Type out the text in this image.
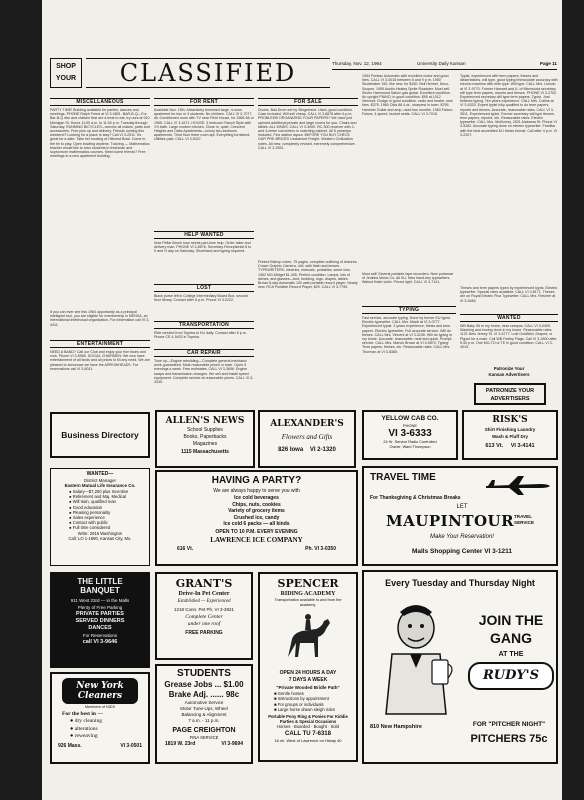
SHOP
YOUR	CLASSIFIED	Thursday, Nov. 12, 1964	University Daily Kansan	Page 11
MISCELLANEOUS
PARTY TIME! Building available for parties, dances and meetings. PHONE Ralph Freed at VI 3-0801. BAR-B-Q—For Bar-B-Q ribs and chicken that are a treat to eat, try ours at 910 Michigan St. Hours 11:00 a.m. to 11:00 p.m. Tuesday through Saturday. RUNNING BICYCLES—service all makes, parts and accessories. Free pick up and delivery. Friends coming this weekend? Looking for a place to stay? Call VI 3-2511. It's great for a date. Take her bowling at Hillcrest Bowl. Come to the tin to play. Open bowling anytime. Tutoring — Mathematics teacher would like to tutor students in freshman and sophomore mathematics courses. Need some friends? Free meetings in a new apartment building.
If you can ever see this 1964 opportunity as a principal intelligent tool, you are eligible for membership in MENSA, an international intellectual organization. For information call VI 3-4411.
ENTERTAINMENT
NEED A BAND? Call our Club and enjoy your fine blues and rock. Phone VI 3-5555. SOCIAL CHAIRMEN: We now have entertainment of all kinds and all prices to fill any need. We are pleased to announce we have the ARROWHEADS. For reservations call VI 3-8011.
FOR RENT
Available Nov. 15th. Attractively furnished large, 4-room apartment for two or 3 students. No children. CALL VI 3-7077. Air-Conditioned room with TV near Field House, for 1965-66 or 1965. CALL VI 3-1671. HOUSE: 3 bedroom Ranch Style with 1½ bath. Large modern kitchen. Close in, quiet. Crescent Heights and Oaks Apartments—luxury two-bedroom apartments. Third floor three room apt. Everything furnished. Utilities paid. CALL VI 3-6337.
HELP WANTED
Now Pellar Brush man needs part-time help. Order taker and delivery man. PHONE VI 3-8576. Secretary-Receptionist 8 to 5 and ½ day on Saturday. Shorthand and typing required.
LOST
Black purse left in College Intermediary Board Box, second floor library. Contact after 6 p.m. Phone VI 3-0222.
TRANSPORTATION
Ride needed from Topeka to KU daily. Contact after 6 p.m. Phone CE 4-5402 in Topeka.
CAR REPAIR
Tune up—Engine rebuilding—Complete general mechanic work guaranteed. Most reasonable prices in town. Open 5 evenings a week. Free estimates. CALL VI 3-3696. Engine swaps and transmission changes. We sell and install speed equipment. Complete service at reasonable prices. CALL VI 3-3340.
FOR SALE
Drums. Ball-Drum set by Slingerland. Used, good condition. Case included. Will sell cheap. CALL VI 3-8878 after 6 p.m. PROBLEMS ORGANIZING YOUR PAPERS? We have just opened additional private and large rooms for you. Chairs and tables. ALL KINDS. CALL VI 3-3000. RC-300 receiver with 2- and 4-meter converters in matching cabinet. All 5 preamps included. Fine station layout. BEFORE YOU BUY CHECK OUR PRE-BRICED Unclaimed Freight. Western Civilization notes. All new, completely revised, extremely comprehensive. CALL VI 3-2551.
Printed Bishop notes. 75 pages, complete outlining of lectures. Crown Graphic Camera, 4x5, with flash and lenses. TYPEWRITERS, electrics, manuals, portables, some new. 1962 MG-Midget $1,495. Perfect condition. Lamps, lots of dishes, and glasses—bed, bedding, rugs, drapes, tables. Brown 8-day Automatic 100 watt portable record player. Nearly new. RCA Portable Record Player, $29. CALL VI 3-7795.
1954 Pontiac Automatic with excellent motor and good tires. CALL VI 3-0015 between 5 and 9 p.m. 1950 Studebaker 150, like new, for $150. Bell Helmet, Deco-Scopes. 1959 Austin-Healey Sprite Roadster. Must sell. Seven Hammond Saturn gas guitar. Excellent condition. An upright PIANO, in good condition. $95 at 1012 Vermont. Dodge in good condition, radio and heater, new tires. $375. 1960 Olds 88 4-dr., sharpest in town. $795. Hammer Guitar and amp, used two months. 1963 Falcon Futura, 4-speed, bucket seats. CALL VI 3-7016.
Must sell! Several portable tape recorders. New portamat of Jenkins Music Co. All KU. New hand-key typewriters. Walnut finish violin. Priced right. CALL VI 3-7141.
TYPING
Fast service, accurate typing. Done by former KU typist. Electric typewriter. CALL Mrs. Mardi at VI 3-0777. Experienced typist. 3 years experience, thesis and term papers. Electric typewriter. Full accurate service. Will do theses. CALL Mrs. Vincent at VI 3-3106. Will do typing in my home. Accurate, reasonable, neat and quick. Prompt service. CALL Mrs. Marvin Brown at VI 3-9870. Typing: Term papers, theses, etc. Reasonable rates. CALL Mrs. Thurman at VI 3-8385.
Typist, experienced with term papers, theses and dissertations, will type, good typing immaculate accuracy with electric machine with elite type. Will type. CALL Mrs. Lincoln at VI 3-9770. Former Harvard and U. of Minnesota secretary will type term papers, reports and theses. PHONE VI 3-2702. Experienced secretary will type term papers. Typist. Just finished typing. Ten years experience. CALL Mrs. Collins at VI 3-6333. Expert typist fully qualified to do term papers, reports and theses. Accurate, reasonable rates. CALL VI 3-3511. Experienced typist. Former secretary will type theses, term papers, reports, etc. Reasonable rates. Electric typewriter. CALL Mrs. McKinney, 2521 Alabama St. Phone VI 3-5282. Accurate typing done on electric typewriter. Familiar with the best accredited KU thesis format. Call after 4 p.m. VI 3-2207.
Theses and term papers typed by experienced typist. Electric typewriter. Special rates available. CALL VI 3-8171. Theses are on Royal Electric Pica Typewriter. CALL Mrs. Fletcher at VI 3-5484.
WANTED
Will Baby Sit in my home, near campus. CALL VI 3-0409. Washing and ironing done in my home. Reasonable rates. 1121 New Jersey St. VI 3-6777. Lost Goldfield, Draped, or Pigout for a male. Call Will Feeley Flags. Call VI 3-2800 after 5:30 p.m. One MG-TD or TE in good condition. CALL VI 3-4015.
Patronize Your
Kansan Advertisers
PATRONIZE YOUR
ADVERTISERS
ALLEN'S NEWS
School Supplies
Books, Paperbacks
Magazines
1115 Massachusetts
ALEXANDER'S
Flowers and Gifts
826 Iowa VI 2-1320
YELLOW CAB CO.
PHONE
VI 3-6333
24 Hr. Service Radio Controlled
Owner, Ward Thompson
RISK'S
Shirt Finishing Laundry
Wash & Fluff Dry
613 Vt. VI 3-4141
Business Directory
HAVING A PARTY?
We are always happy to serve you with
Ice cold beverages
Chips, nuts, cookies
Variety of grocery items
Crushed ice, candy
Ice cold 6 packs — all kinds
OPEN TO 10 P.M. EVERY EVENING
LAWRENCE ICE COMPANY
616 Vt.	Ph. VI 3-0350
TRAVEL TIME
For Thanksgiving & Christmas Breaks
LET
MAUPINTOUR TRAVEL SERVICE
Make Your Reservation!
Malls Shopping Center VI 3-1211
WANTED—
District Manager
Eastern Mutual Life Insurance Co.
● Salary—$7,200 plus Incentive
● Retirement and Maj. Medical
● Will train, qualified man
● Good education
● Pleasing personality
● Sales experience
● Contact with public
● Full time considered
Write: 2916 Washington
Call: LO 1-1690, Kansas City, Mo.
THE LITTLE BANQUET
911 West 23rd — in the Malls
Plenty of Free Parking
PRIVATE PARTIES
SERVED DINNERS
DANCES
For Reservations
call VI 3-9646
GRANT'S
Drive-In Pet Center
Established — Experienced
1218 Conn. Pet Ph. VI 3-2921
Complete Center
under one roof
FREE PARKING
SPENCER
RIDING ACADEMY
Transportation available to and from the academy.
OPEN 24 HOURS A DAY
7 DAYS A WEEK
"Private Wooded Bridle Path"
■ Gentle horses
■ Instructions by appointment
■ For groups or individuals
■ Large horse drawn sleigh rides
Portable Pony Ring & Ponies For Kiddie Parties & Special Occasions
Horses · Boarded · Bought · Sold
CALL TU 7-6318
16 mi. West of Lawrence on Hiway 40
New York Cleaners
Members of NIDS
For the best in —
● dry cleaning
● alterations
● reweaving
926 Mass.	VI 3-0501
STUDENTS
Grease Jobs ... $1.00
Brake Adj. ...... 98c
Automotive Service
Motor Tune-Ups, Wheel
Balancing & Alignment
7 a.m. - 11 p.m.
PAGE CREIGHTON
FINA SERVICE
1819 W. 23rd	VI 3-9694
Every Tuesday and Thursday Night
JOIN THE
GANG
AT THE
RUDY'S
810 New Hampshire	FOR "PITCHER NIGHT"
PITCHERS 75c
